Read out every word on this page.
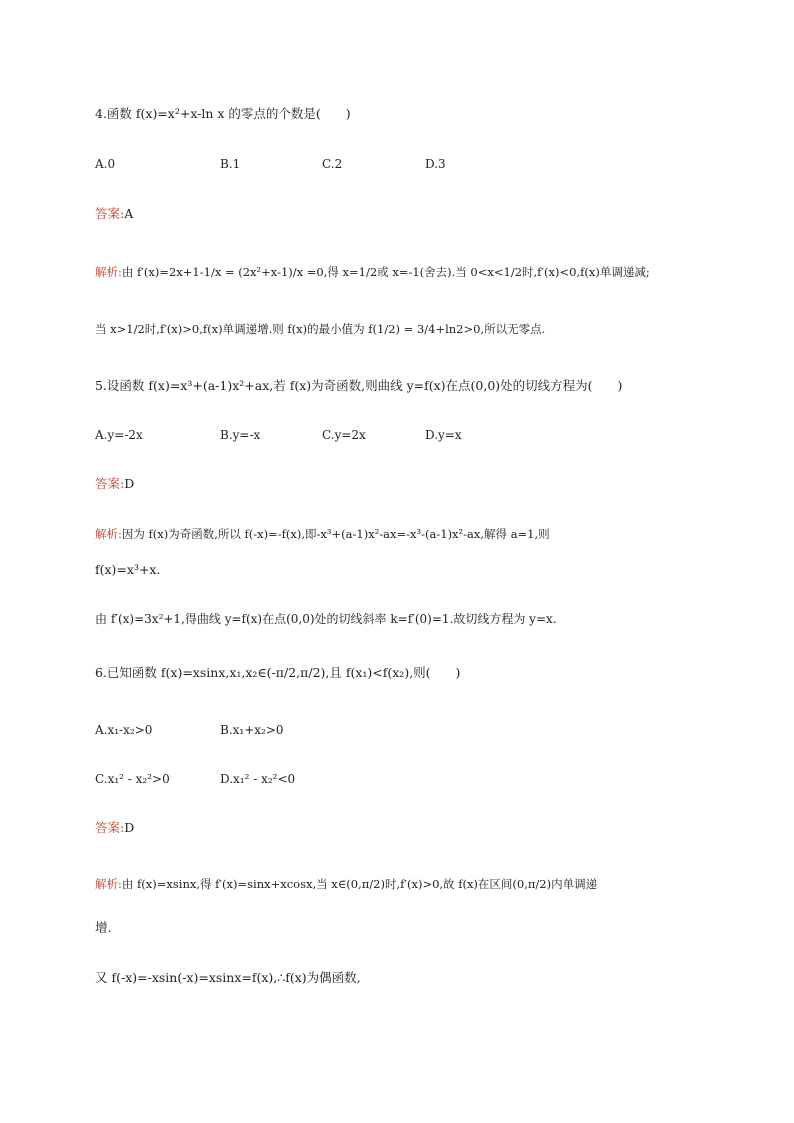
4.函数 f(x)=x²+x-ln x 的零点的个数是(　　)
A.0	B.1	C.2	D.3
答案:A
解析:由 f′(x)=2x+1-1/x = (2x²+x-1)/x =0,得 x=1/2或 x=-1(舍去).当 0<x<1/2时,f′(x)<0,f(x)单调递减;
当 x>1/2时,f′(x)>0,f(x)单调递增.则 f(x)的最小值为 f(1/2) = 3/4+ln2>0,所以无零点.
5.设函数 f(x)=x³+(a-1)x²+ax,若 f(x)为奇函数,则曲线 y=f(x)在点(0,0)处的切线方程为(　　)
A.y=-2x	B.y=-x	C.y=2x	D.y=x
答案:D
解析:因为 f(x)为奇函数,所以 f(-x)=-f(x),即-x³+(a-1)x²-ax=-x³-(a-1)x²-ax,解得 a=1,则
f(x)=x³+x.
由 f′(x)=3x²+1,得曲线 y=f(x)在点(0,0)处的切线斜率 k=f′(0)=1.故切线方程为 y=x.
6.已知函数 f(x)=xsinx,x₁,x₂∈(-π/2,π/2),且 f(x₁)<f(x₂),则(　　)
A.x₁-x₂>0	B.x₁+x₂>0
C.x₁² - x₂²>0	D.x₁² - x₂²<0
答案:D
解析:由 f(x)=xsinx,得 f′(x)=sinx+xcosx,当 x∈(0,π/2)时,f′(x)>0,故 f(x)在区间(0,π/2)内单调递
增.
又 f(-x)=-xsin(-x)=xsinx=f(x),∴f(x)为偶函数,
